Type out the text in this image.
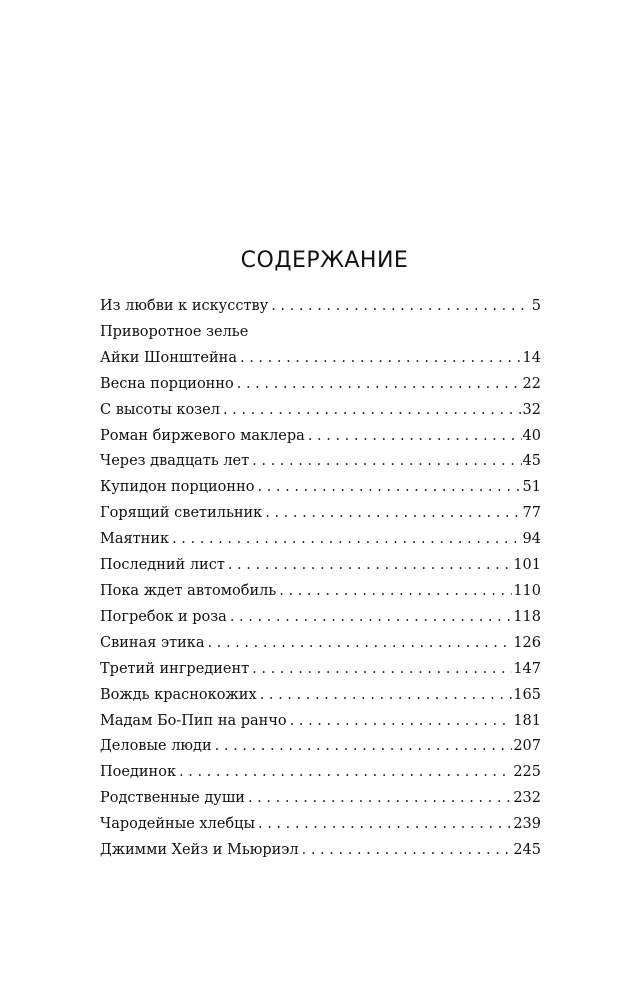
СОДЕРЖАНИЕ
Из любви к искусству . . .	5
Приворотное зелье
Айки Шонштейна . . .	14
Весна порционно . . .	22
С высоты козел . . .	32
Роман биржевого маклера . . .	40
Через двадцать лет . . .	45
Купидон порционно . . .	51
Горящий светильник . . .	77
Маятник . . .	94
Последний лист . . .	101
Пока ждет автомобиль . . .	110
Погребок и роза . . .	118
Свиная этика . . .	126
Третий ингредиент . . .	147
Вождь краснокожих . . .	165
Мадам Бо-Пип на ранчо . . .	181
Деловые люди . . .	207
Поединок . . .	225
Родственные души . . .	232
Чародейные хлебцы . . .	239
Джимми Хейз и Мьюриэл . . .	245
